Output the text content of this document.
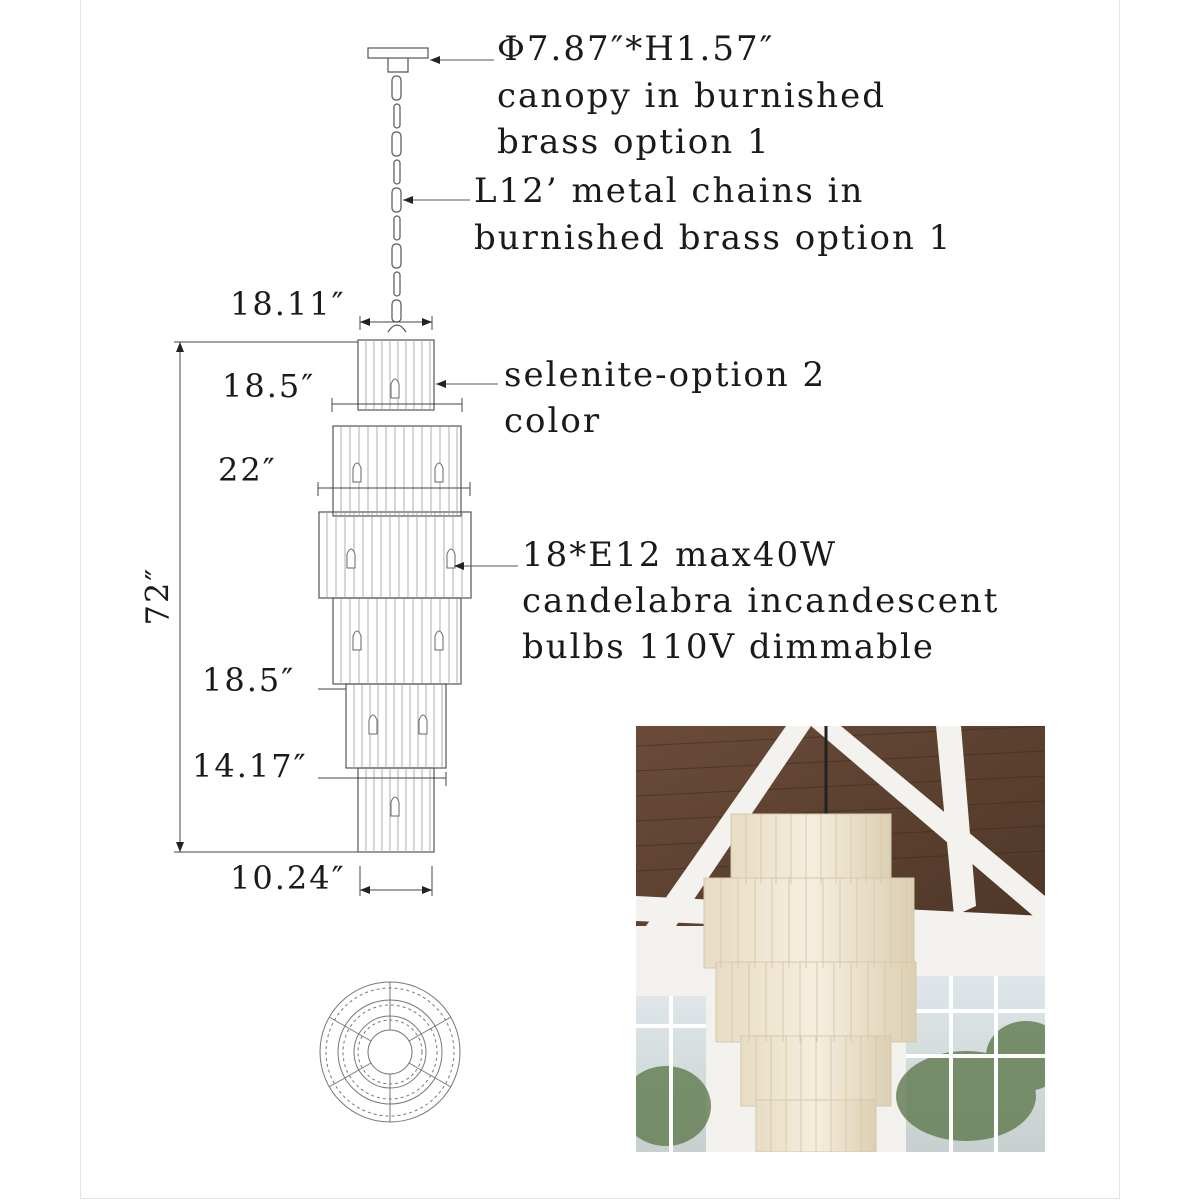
Φ7.87″*H1.57″
canopy in burnished
brass option 1
L12’ metal chains in
burnished brass option 1
selenite-option 2
color
18*E12 max40W
candelabra incandescent
bulbs 110V dimmable
18.11″
18.5″
22″
18.5″
14.17″
10.24″
72″
